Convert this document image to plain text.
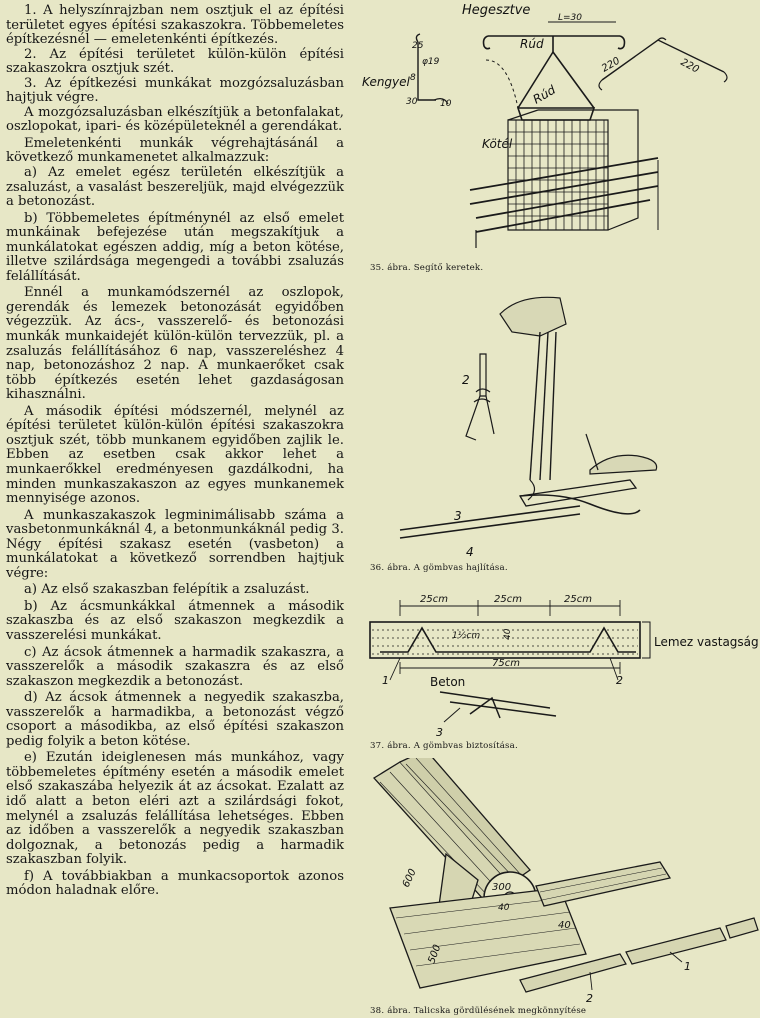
1. A helyszínrajzban nem osztjuk el az építési területet egyes építési szakaszokra. Többemeletes építkezésnél — emeletenkénti építkezés.

2. Az építési területet külön-külön építési szakaszokra osztjuk szét.

3. Az építkezési munkákat mozgózsaluzásban hajtjuk végre.

A mozgózsaluzásban elkészítjük a betonfalakat, oszlopokat, ipari- és középületeknél a gerendákat.

Emeletenkénti munkák végrehajtásánál a következő munkamenetet alkalmazzuk:

a) Az emelet egész területén elkészítjük a zsaluzást, a vasalást beszereljük, majd elvégezzük a betonozást.

b) Többemeletes építménynél az első emelet munkáinak befejezése után megszakítjuk a munkálatokat egészen addig, míg a beton kötése, illetve szilárdsága megengedi a további zsaluzás felállítását.

Ennél a munkamódszernél az oszlopok, gerendák és lemezek betonozását egyidőben végezzük. Az ács-, vasszerelő- és betonozási munkák munkaidejét külön-külön tervezzük, pl. a zsaluzás felállításához 6 nap, vasszereléshez 4 nap, betonozáshoz 2 nap. A munkaerőket csak több építkezés esetén lehet gazdaságosan kihasználni.

A második építési módszernél, melynél az építési területet külön-külön építési szakaszokra osztjuk szét, több munkanem egyidőben zajlik le. Ebben az esetben csak akkor lehet a munkaerőkkel eredményesen gazdálkodni, ha minden munkaszakaszon az egyes munkanemek mennyisége azonos.

A munkaszakaszok legminimálisabb száma a vasbetonmunkáknál 4, a betonmunkáknál pedig 3. Négy építési szakasz esetén (vasbeton) a munkálatokat a következő sorrendben hajtjuk végre:

a) Az első szakaszban felépítik a zsaluzást.

b) Az ácsmunkákkal átmennek a második szakaszba és az első szakaszon megkezdik a vasszerelési munkákat.

c) Az ácsok átmennek a harmadik szakaszra, a vasszerelők a második szakaszra és az első szakaszon megkezdik a betonozást.

d) Az ácsok átmennek a negyedik szakaszba, vasszerelők a harmadikba, a betonozást végző csoport a másodikba, az első építési szakaszon pedig folyik a beton kötése.

e) Ezután ideiglenesen más munkához, vagy többemeletes építmény esetén a második emelet első szakaszába helyezik át az ácsokat. Ezalatt az idő alatt a beton eléri azt a szilárdsági fokot, melynél a zsaluzás felállítása lehetséges. Ebben az időben a vasszerelők a negyedik szakaszban dolgoznak, a betonozás pedig a harmadik szakaszban folyik.

f) A továbbiakban a munkacsoportok azonos módon haladnak előre.

Hegesztve	L=30
Rúd
Rúd
Kengyel
Kötél
25
φ19
10
30
8
220	220
35. ábra. Segítő keretek.
2
3
4
36. ábra. A gömbvas hajlítása.
25cm	25cm	25cm
1½cm	40
Lemez vastagság
75cm
Beton
1	2
3
37. ábra. A gömbvas biztosítása.
600	300
40
40
500
1
2
38. ábra. Talicska gördülésének megkönnyítése
